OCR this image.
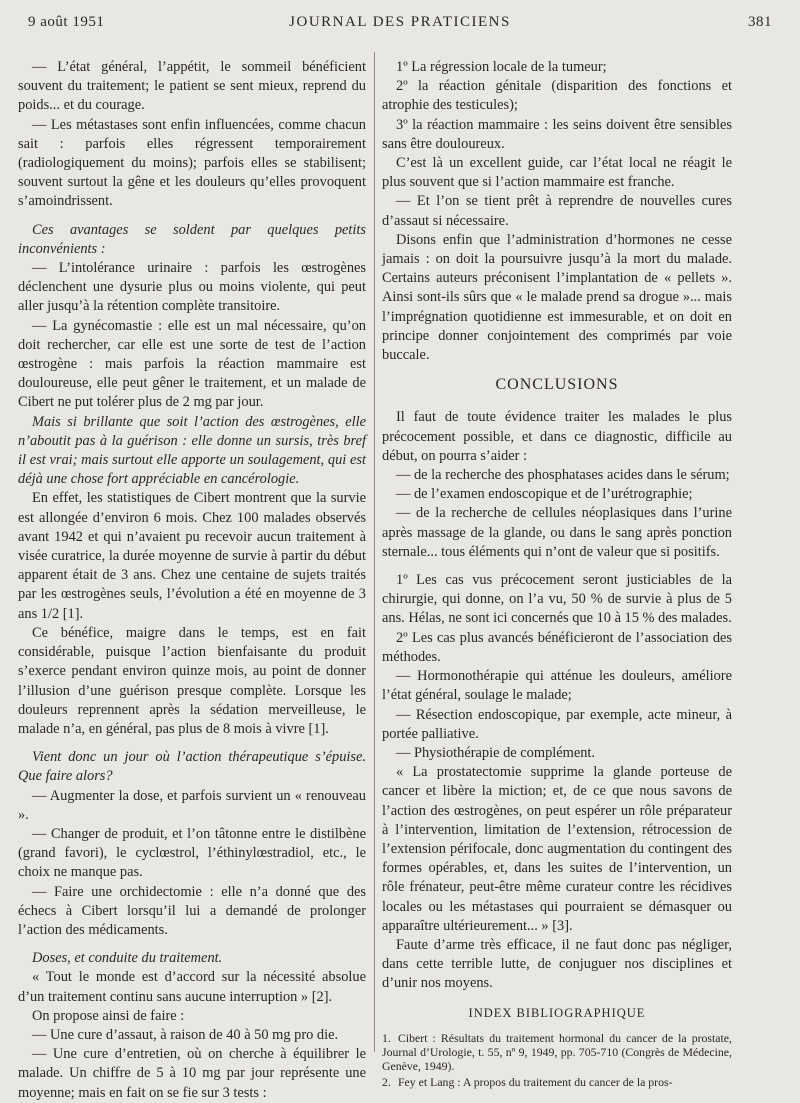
9 août 1951	JOURNAL DES PRATICIENS	381

— L’état général, l’appétit, le sommeil bénéficient souvent du traitement; le patient se sent mieux, reprend du poids... et du courage.

— Les métastases sont enfin influencées, comme chacun sait : parfois elles régressent temporairement (radiologiquement du moins); parfois elles se stabilisent; souvent surtout la gêne et les douleurs qu’elles provoquent s’amoindrissent.

Ces avantages se soldent par quelques petits inconvénients :

— L’intolérance urinaire : parfois les œstrogènes déclenchent une dysurie plus ou moins violente, qui peut aller jusqu’à la rétention complète transitoire.

— La gynécomastie : elle est un mal nécessaire, qu’on doit rechercher, car elle est une sorte de test de l’action œstrogène : mais parfois la réaction mammaire est douloureuse, elle peut gêner le traitement, et un malade de Cibert ne put tolérer plus de 2 mg par jour.

Mais si brillante que soit l’action des œstrogènes, elle n’aboutit pas à la guérison : elle donne un sursis, très bref il est vrai; mais surtout elle apporte un soulagement, qui est déjà une chose fort appréciable en cancérologie.

En effet, les statistiques de Cibert montrent que la survie est allongée d’environ 6 mois. Chez 100 malades observés avant 1942 et qui n’avaient pu recevoir aucun traitement à visée curatrice, la durée moyenne de survie à partir du début apparent était de 3 ans. Chez une centaine de sujets traités par les œstrogènes seuls, l’évolution a été en moyenne de 3 ans 1/2 [1].

Ce bénéfice, maigre dans le temps, est en fait considérable, puisque l’action bienfaisante du produit s’exerce pendant environ quinze mois, au point de donner l’illusion d’une guérison presque complète. Lorsque les douleurs reprennent après la sédation merveilleuse, le malade n’a, en général, pas plus de 8 mois à vivre [1].

Vient donc un jour où l’action thérapeutique s’épuise. Que faire alors?

— Augmenter la dose, et parfois survient un « renouveau ».

— Changer de produit, et l’on tâtonne entre le distilbène (grand favori), le cyclœstrol, l’éthinylœstradiol, etc., le choix ne manque pas.

— Faire une orchidectomie : elle n’a donné que des échecs à Cibert lorsqu’il lui a demandé de prolonger l’action des médicaments.

Doses, et conduite du traitement.

« Tout le monde est d’accord sur la nécessité absolue d’un traitement continu sans aucune interruption » [2].

On propose ainsi de faire :

— Une cure d’assaut, à raison de 40 à 50 mg pro die.

— Une cure d’entretien, où on cherche à équilibrer le malade. Un chiffre de 5 à 10 mg par jour représente une moyenne; mais en fait on se fie sur 3 tests :

1º La régression locale de la tumeur;

2º la réaction génitale (disparition des fonctions et atrophie des testicules);

3º la réaction mammaire : les seins doivent être sensibles sans être douloureux.

C’est là un excellent guide, car l’état local ne réagit le plus souvent que si l’action mammaire est franche.

— Et l’on se tient prêt à reprendre de nouvelles cures d’assaut si nécessaire.

Disons enfin que l’administration d’hormones ne cesse jamais : on doit la poursuivre jusqu’à la mort du malade. Certains auteurs préconisent l’implantation de « pellets ». Ainsi sont-ils sûrs que « le malade prend sa drogue »... mais l’imprégnation quotidienne est immesurable, et on doit en principe donner conjointement des comprimés par voie buccale.

CONCLUSIONS

Il faut de toute évidence traiter les malades le plus précocement possible, et dans ce diagnostic, difficile au début, on pourra s’aider :

— de la recherche des phosphatases acides dans le sérum;

— de l’examen endoscopique et de l’urétrographie;

— de la recherche de cellules néoplasiques dans l’urine après massage de la glande, ou dans le sang après ponction sternale... tous éléments qui n’ont de valeur que si positifs.

1º Les cas vus précocement seront justiciables de la chirurgie, qui donne, on l’a vu, 50 % de survie à plus de 5 ans. Hélas, ne sont ici concernés que 10 à 15 % des malades.

2º Les cas plus avancés bénéficieront de l’association des méthodes.

— Hormonothérapie qui atténue les douleurs, améliore l’état général, soulage le malade;

— Résection endoscopique, par exemple, acte mineur, à portée palliative.

— Physiothérapie de complément.

« La prostatectomie supprime la glande porteuse de cancer et libère la miction; et, de ce que nous savons de l’action des œstrogènes, on peut espérer un rôle préparateur à l’intervention, limitation de l’extension, rétrocession de l’extension périfocale, donc augmentation du contingent des formes opérables, et, dans les suites de l’intervention, un rôle frénateur, peut-être même curateur contre les récidives locales ou les métastases qui pourraient se démasquer ou apparaître ultérieurement... » [3].

Faute d’arme très efficace, il ne faut donc pas négliger, dans cette terrible lutte, de conjuguer nos disciplines et d’unir nos moyens.

INDEX BIBLIOGRAPHIQUE
1. Cibert : Résultats du traitement hormonal du cancer de la prostate, Journal d’Urologie, t. 55, nº 9, 1949, pp. 705-710 (Congrès de Médecine, Genève, 1949).
2. Fey et Lang : A propos du traitement du cancer de la pros-
